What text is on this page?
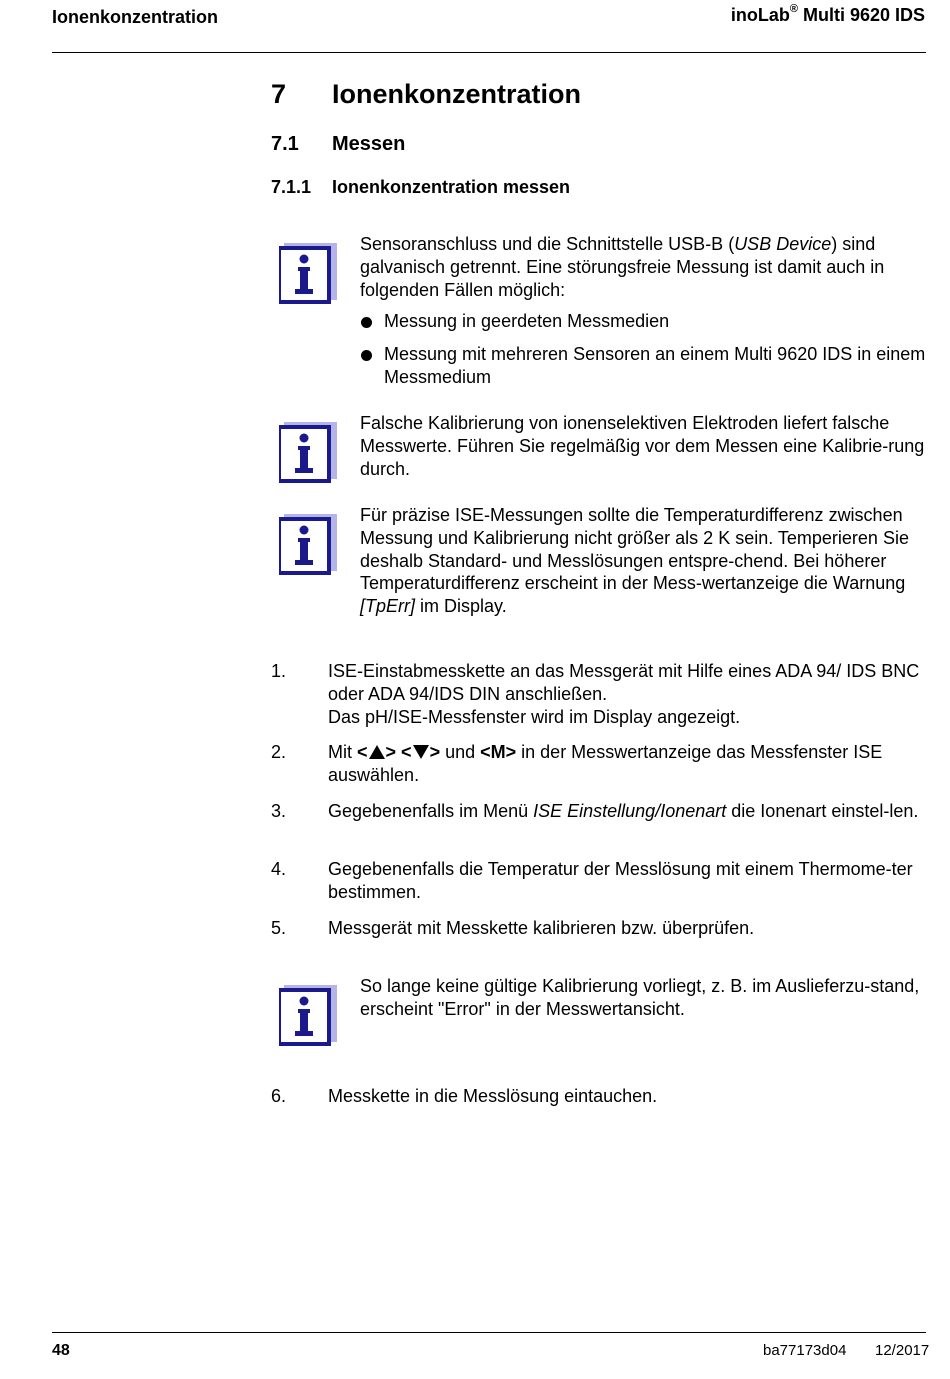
Ionenkonzentration	inoLab® Multi 9620 IDS
7 Ionenkonzentration
7.1 Messen
7.1.1 Ionenkonzentration messen

Sensoranschluss und die Schnittstelle USB-B (USB Device) sind galvanisch getrennt. Eine störungsfreie Messung ist damit auch in folgenden Fällen möglich:

Messung in geerdeten Messmedien
Messung mit mehreren Sensoren an einem Multi 9620 IDS in einem Messmedium

Falsche Kalibrierung von ionenselektiven Elektroden liefert falsche Messwerte. Führen Sie regelmäßig vor dem Messen eine Kalibrie-rung durch.

Für präzise ISE-Messungen sollte die Temperaturdifferenz zwischen Messung und Kalibrierung nicht größer als 2 K sein. Temperieren Sie deshalb Standard- und Messlösungen entspre-chend. Bei höherer Temperaturdifferenz erscheint in der Mess-wertanzeige die Warnung [TpErr] im Display.

1. ISE-Einstabmesskette an das Messgerät mit Hilfe eines ADA 94/ IDS BNC oder ADA 94/IDS DIN anschließen.
Das pH/ISE-Messfenster wird im Display angezeigt.
2. Mit < > < > und <M> in der Messwertanzeige das Messfenster ISE auswählen.
3. Gegebenenfalls im Menü ISE Einstellung/Ionenart die Ionenart einstel-len.
4. Gegebenenfalls die Temperatur der Messlösung mit einem Thermome-ter bestimmen.
5. Messgerät mit Messkette kalibrieren bzw. überprüfen.

So lange keine gültige Kalibrierung vorliegt, z. B. im Auslieferzu-stand, erscheint "Error" in der Messwertansicht.

6. Messkette in die Messlösung eintauchen.
48	ba77173d04 12/2017
